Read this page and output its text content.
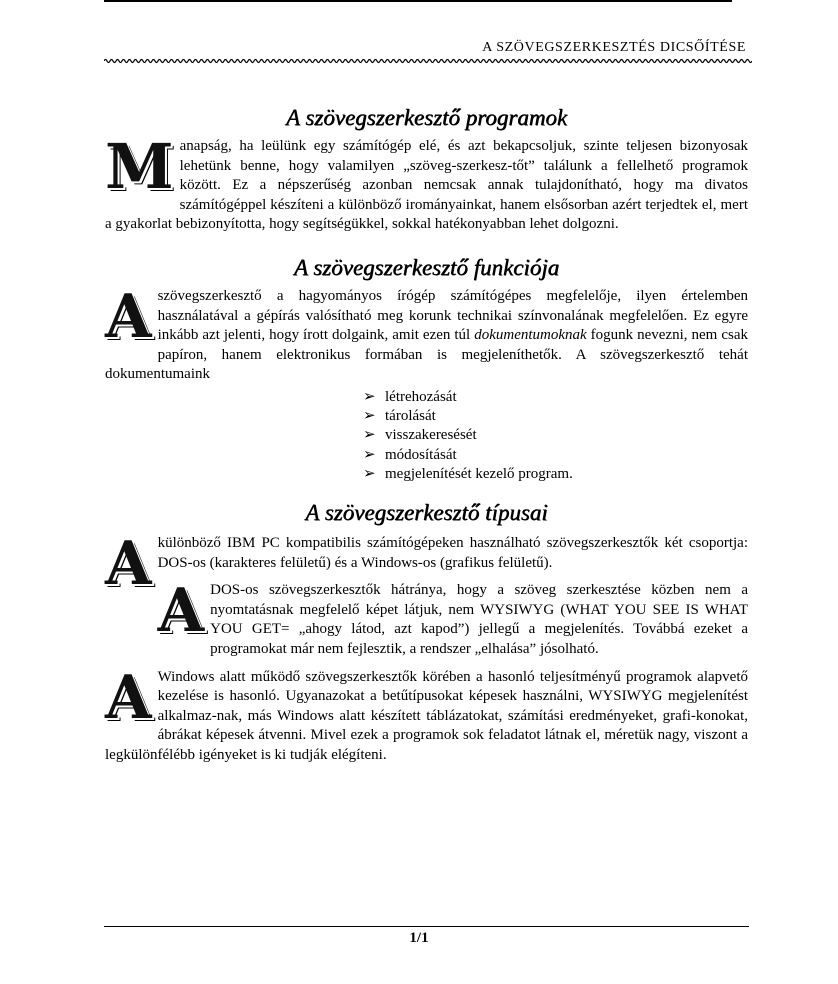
A SZÖVEGSZERKESZTÉS DICSŐÍTÉSE
A szövegszerkesztő programok

Manapság, ha leülünk egy számítógép elé, és azt bekapcsoljuk, szinte teljesen bizonyosak lehetünk benne, hogy valamilyen „szöveg-szerkesz-tőt” találunk a fellelhető programok között. Ez a népszerűség azonban nemcsak annak tulajdonítható, hogy ma divatos számítógéppel készíteni a különböző irományainkat, hanem elsősorban azért terjedtek el, mert a gyakorlat bebizonyította, hogy segítségükkel, sokkal hatékonyabban lehet dolgozni.

A szövegszerkesztő funkciója

Aszövegszerkesztő a hagyományos írógép számítógépes megfelelője, ilyen értelemben használatával a gépírás valósítható meg korunk technikai színvonalának megfelelően. Ez egyre inkább azt jelenti, hogy írott dolgaink, amit ezen túl dokumentumoknak fogunk nevezni, nem csak papíron, hanem elektronikus formában is megjeleníthetők. A szövegszerkesztő tehát dokumentumaink

➢ létrehozását
➢ tárolását
➢ visszakeresését
➢ módosítását
➢ megjelenítését kezelő program.
A szövegszerkesztő típusai

Akülönböző IBM PC kompatibilis számítógépeken használható szövegszerkesztők két csoportja: DOS-os (karakteres felületű) és a Windows-os (grafikus felületű).

ADOS-os szövegszerkesztők hátránya, hogy a szöveg szerkesztése közben nem a nyomtatásnak megfelelő képet látjuk, nem WYSIWYG (WHAT YOU SEE IS WHAT YOU GET= „ahogy látod, azt kapod”) jellegű a megjelenítés. Továbbá ezeket a programokat már nem fejlesztik, a rendszer „elhalása” jósolható.

A Windows alatt működő szövegszerkesztők körében a hasonló teljesítményű programok alapvető kezelése is hasonló. Ugyanazokat a betűtípusokat képesek használni, WYSIWYG megjelenítést alkalmaz-nak, más Windows alatt készített táblázatokat, számítási eredményeket, grafi-konokat, ábrákat képesek átvenni. Mivel ezek a programok sok feladatot látnak el, méretük nagy, viszont a legkülönfélébb igényeket is ki tudják elégíteni.

1/1
